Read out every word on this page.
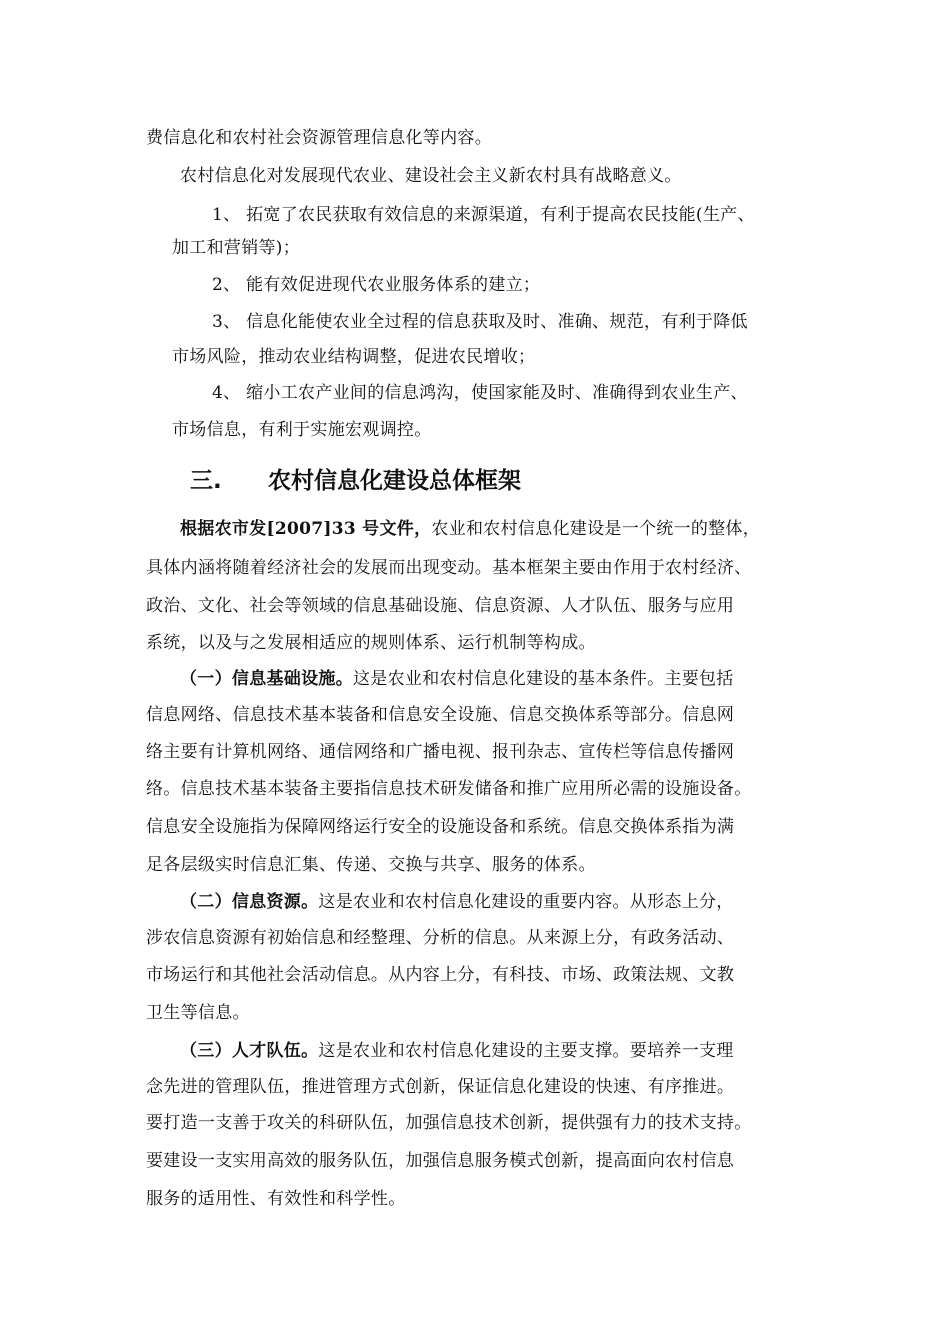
费信息化和农村社会资源管理信息化等内容。
农村信息化对发展现代农业、建设社会主义新农村具有战略意义。
1、 拓宽了农民获取有效信息的来源渠道，有利于提高农民技能(生产、
加工和营销等)；
2、 能有效促进现代农业服务体系的建立；
3、 信息化能使农业全过程的信息获取及时、准确、规范，有利于降低
市场风险，推动农业结构调整，促进农民增收；
4、 缩小工农产业间的信息鸿沟，使国家能及时、准确得到农业生产、
市场信息，有利于实施宏观调控。
三. 农村信息化建设总体框架
根据农市发[2007]33 号文件，农业和农村信息化建设是一个统一的整体，
具体内涵将随着经济社会的发展而出现变动。基本框架主要由作用于农村经济、
政治、文化、社会等领域的信息基础设施、信息资源、人才队伍、服务与应用
系统，以及与之发展相适应的规则体系、运行机制等构成。
（一）信息基础设施。这是农业和农村信息化建设的基本条件。主要包括
信息网络、信息技术基本装备和信息安全设施、信息交换体系等部分。信息网
络主要有计算机网络、通信网络和广播电视、报刊杂志、宣传栏等信息传播网
络。信息技术基本装备主要指信息技术研发储备和推广应用所必需的设施设备。
信息安全设施指为保障网络运行安全的设施设备和系统。信息交换体系指为满
足各层级实时信息汇集、传递、交换与共享、服务的体系。
（二）信息资源。这是农业和农村信息化建设的重要内容。从形态上分，
涉农信息资源有初始信息和经整理、分析的信息。从来源上分，有政务活动、
市场运行和其他社会活动信息。从内容上分，有科技、市场、政策法规、文教
卫生等信息。
（三）人才队伍。这是农业和农村信息化建设的主要支撑。要培养一支理
念先进的管理队伍，推进管理方式创新，保证信息化建设的快速、有序推进。
要打造一支善于攻关的科研队伍，加强信息技术创新，提供强有力的技术支持。
要建设一支实用高效的服务队伍，加强信息服务模式创新，提高面向农村信息
服务的适用性、有效性和科学性。
